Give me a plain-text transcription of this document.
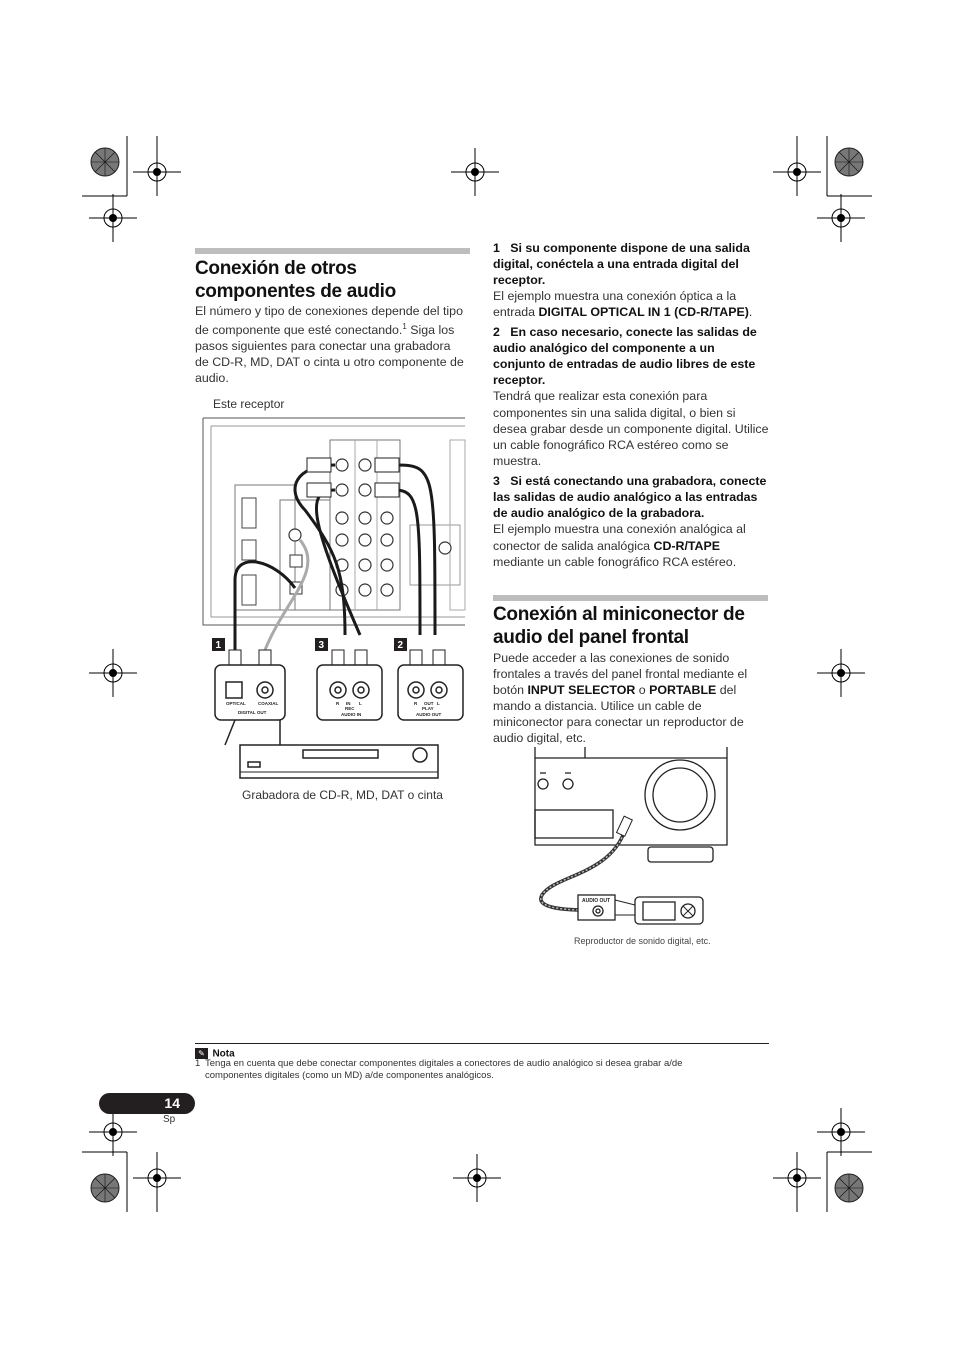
Conexión de otros componentes de audio

El número y tipo de conexiones depende del tipo de componente que esté conectando.$^1$ Siga los pasos siguientes para conectar una grabadora de CD-R, MD, DAT o cinta u otro componente de audio.

Este receptor
OPTICAL	COAXIAL
DIGITAL OUT
R IN L
REC
AUDIO IN
R OUT L
PLAY
AUDIO OUT
1	3	2
Grabadora de CD-R, MD, DAT o cinta

1 Si su componente dispone de una salida digital, conéctela a una entrada digital del receptor.

El ejemplo muestra una conexión óptica a la entrada DIGITAL OPTICAL IN 1 (CD-R/TAPE).

2 En caso necesario, conecte las salidas de audio analógico del componente a un conjunto de entradas de audio libres de este receptor.

Tendrá que realizar esta conexión para componentes sin una salida digital, o bien si desea grabar desde un componente digital. Utilice un cable fonográfico RCA estéreo como se muestra.

3 Si está conectando una grabadora, conecte las salidas de audio analógico a las entradas de audio analógico de la grabadora.

El ejemplo muestra una conexión analógica al conector de salida analógica CD-R/TAPE mediante un cable fonográfico RCA estéreo.

Conexión al miniconector de audio del panel frontal

Puede acceder a las conexiones de sonido frontales a través del panel frontal mediante el botón INPUT SELECTOR o PORTABLE del mando a distancia. Utilice un cable de miniconector para conectar un reproductor de audio digital, etc.

AUDIO OUT
Reproductor de sonido digital, etc.
✎ Nota
1 Tenga en cuenta que debe conectar componentes digitales a conectores de audio analógico si desea grabar a/de
componentes digitales (como un MD) a/de componentes analógicos.
14
Sp
